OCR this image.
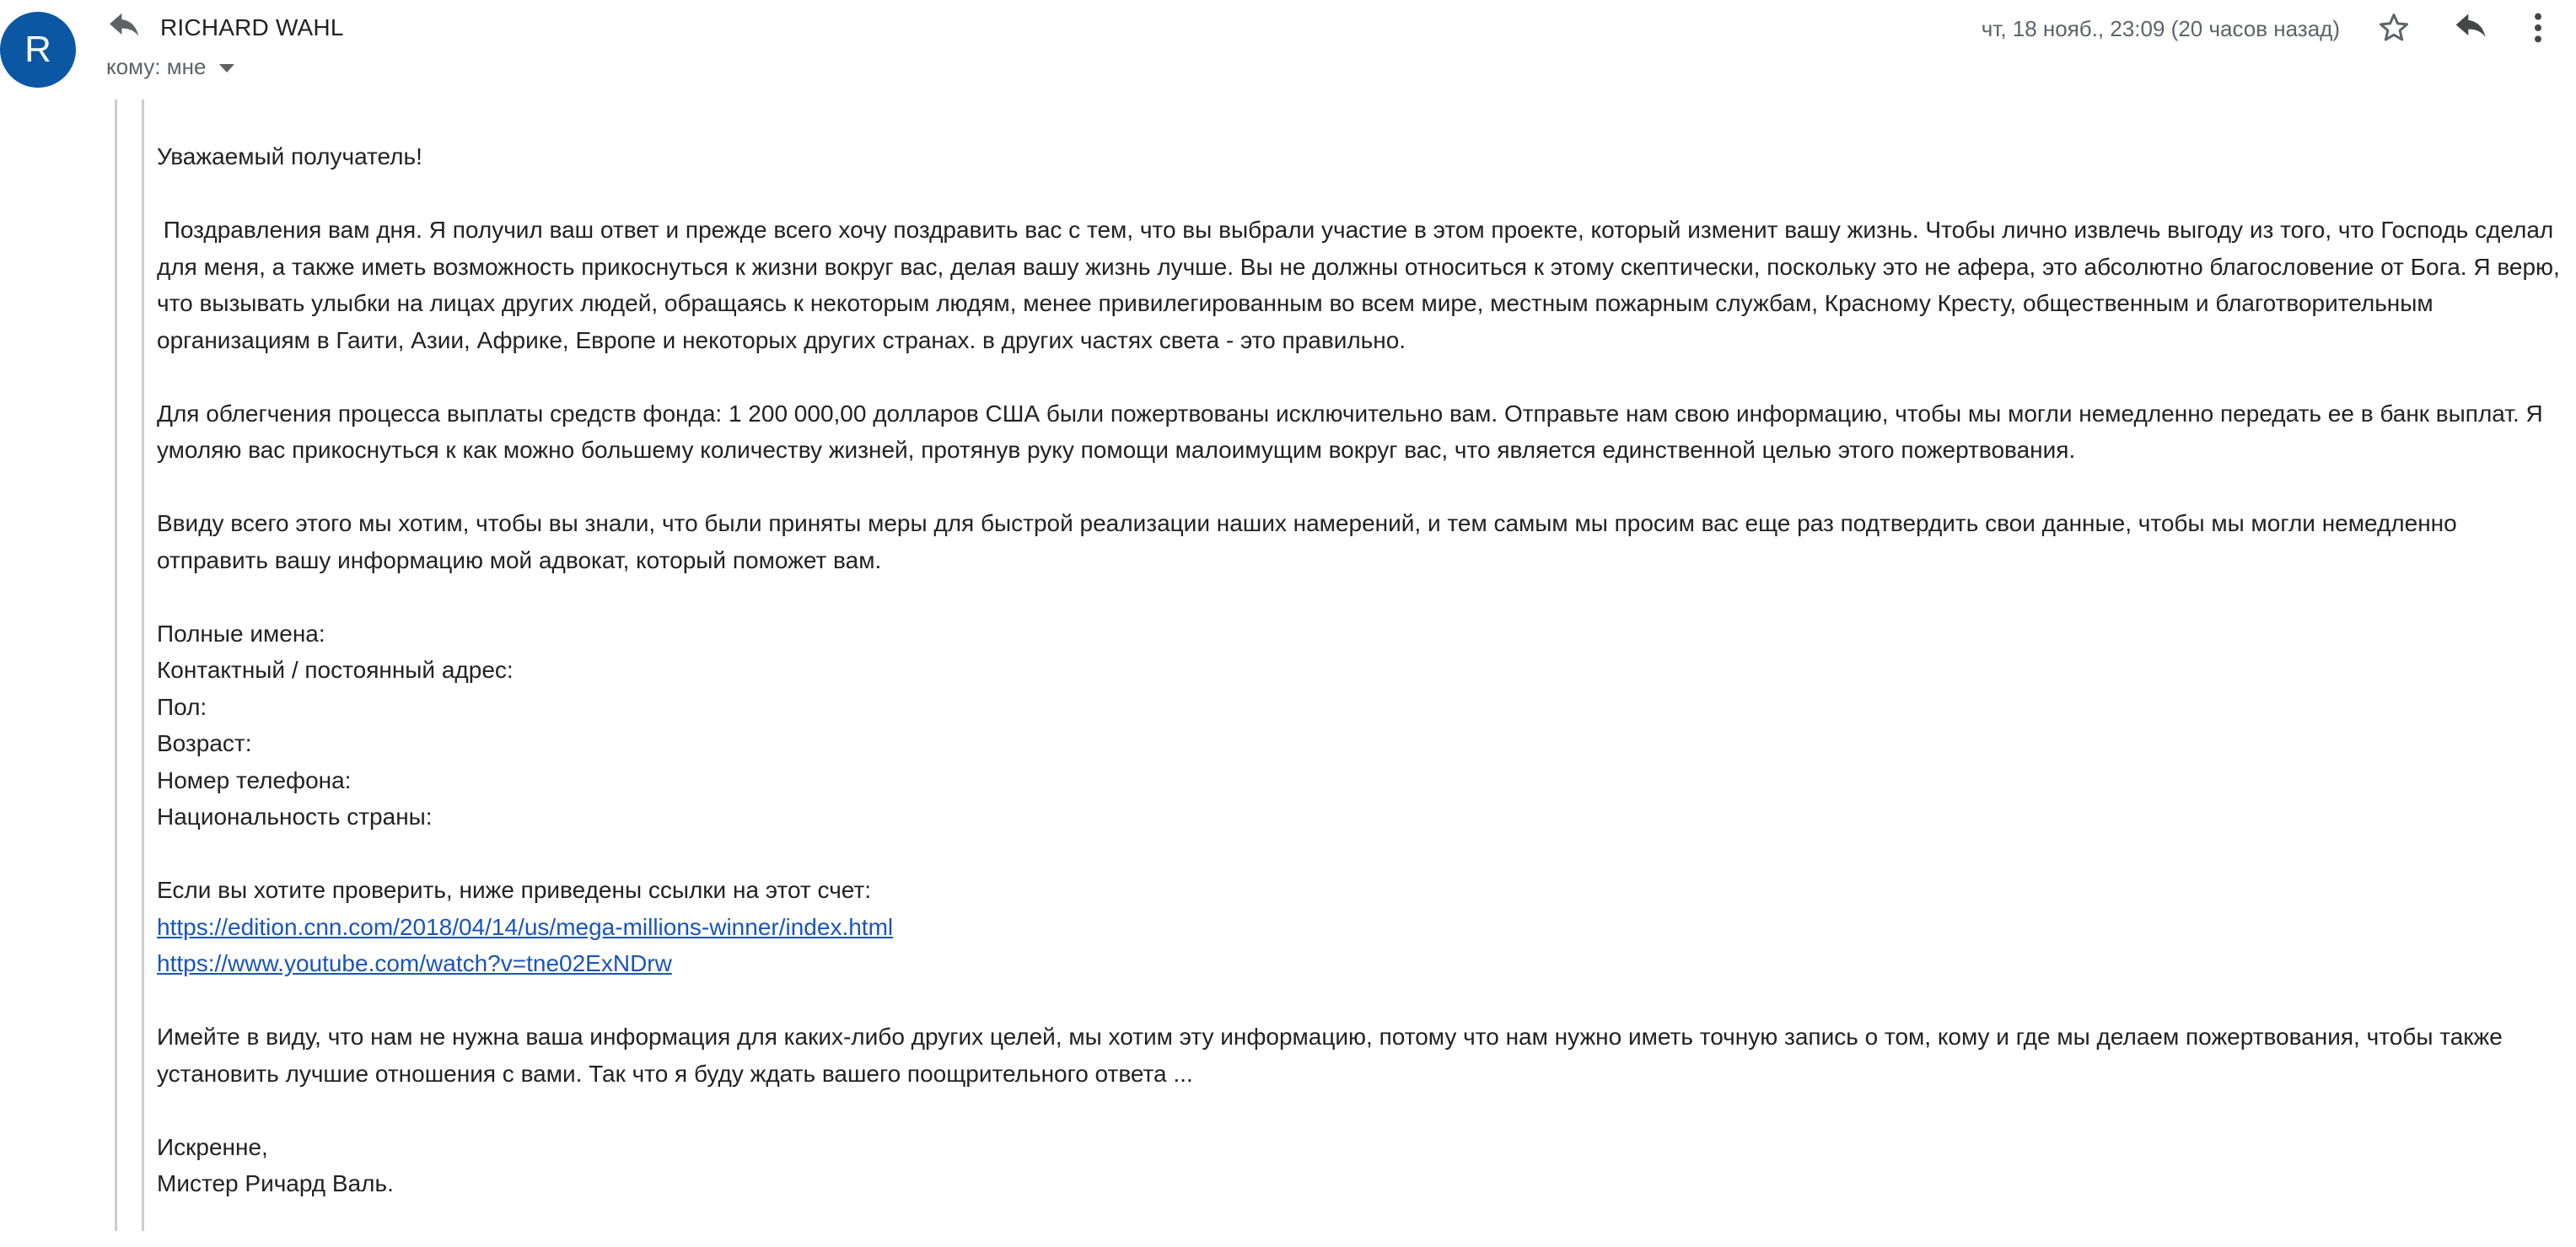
R
RICHARD WAHL
кому: мне
чт, 18 нояб., 23:09 (20 часов назад)

Уважаемый получатель!

Поздравления вам дня. Я получил ваш ответ и прежде всего хочу поздравить вас с тем, что вы выбрали участие в этом проекте, который изменит вашу жизнь. Чтобы лично извлечь выгоду из того, что Господь сделал для меня, а также иметь возможность прикоснуться к жизни вокруг вас, делая вашу жизнь лучше. Вы не должны относиться к этому скептически, поскольку это не афера, это абсолютно благословение от Бога. Я верю, что вызывать улыбки на лицах других людей, обращаясь к некоторым людям, менее привилегированным во всем мире, местным пожарным службам, Красному Кресту, общественным и благотворительным организациям в Гаити, Азии, Африке, Европе и некоторых других странах. в других частях света - это правильно.

Для облегчения процесса выплаты средств фонда: 1 200 000,00 долларов США были пожертвованы исключительно вам. Отправьте нам свою информацию, чтобы мы могли немедленно передать ее в банк выплат. Я умоляю вас прикоснуться к как можно большему количеству жизней, протянув руку помощи малоимущим вокруг вас, что является единственной целью этого пожертвования.

Ввиду всего этого мы хотим, чтобы вы знали, что были приняты меры для быстрой реализации наших намерений, и тем самым мы просим вас еще раз подтвердить свои данные, чтобы мы могли немедленно отправить вашу информацию мой адвокат, который поможет вам.

Полные имена:
Контактный / постоянный адрес:
Пол:
Возраст:
Номер телефона:
Национальность страны:
Если вы хотите проверить, ниже приведены ссылки на этот счет:
https://edition.cnn.com/2018/04/14/us/mega-millions-winner/index.html
https://www.youtube.com/watch?v=tne02ExNDrw

Имейте в виду, что нам не нужна ваша информация для каких-либо других целей, мы хотим эту информацию, потому что нам нужно иметь точную запись о том, кому и где мы делаем пожертвования, чтобы также установить лучшие отношения с вами. Так что я буду ждать вашего поощрительного ответа ...

Искренне,
Мистер Ричард Валь.
